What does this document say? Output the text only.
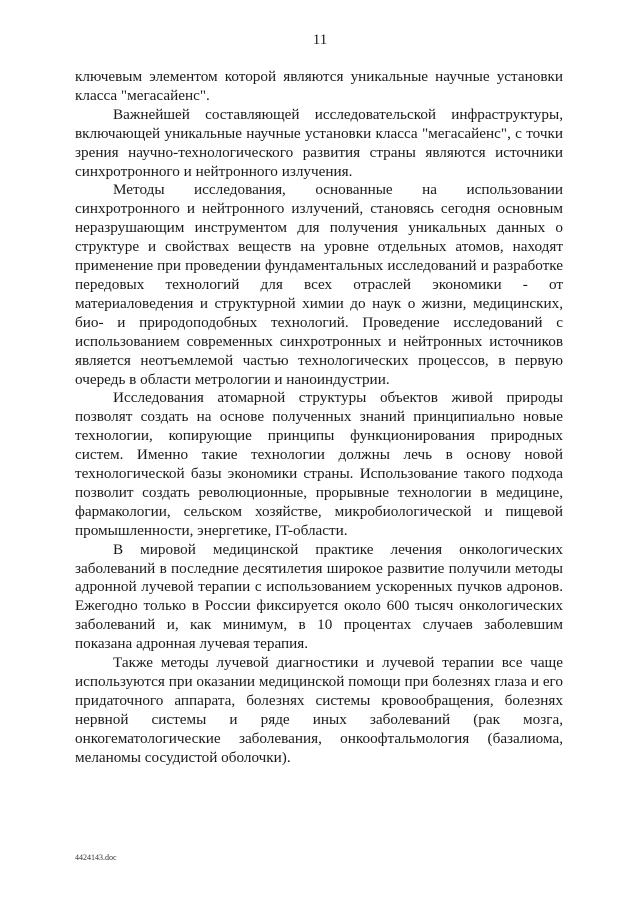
11

ключевым элементом которой являются уникальные научные установки класса "мегасайенс".

Важнейшей составляющей исследовательской инфраструктуры, включающей уникальные научные установки класса "мегасайенс", с точки зрения научно-технологического развития страны являются источники синхротронного и нейтронного излучения.

Методы исследования, основанные на использовании синхротронного и нейтронного излучений, становясь сегодня основным неразрушающим инструментом для получения уникальных данных о структуре и свойствах веществ на уровне отдельных атомов, находят применение при проведении фундаментальных исследований и разработке передовых технологий для всех отраслей экономики - от материаловедения и структурной химии до наук о жизни, медицинских, био- и природоподобных технологий. Проведение исследований с использованием современных синхротронных и нейтронных источников является неотъемлемой частью технологических процессов, в первую очередь в области метрологии и наноиндустрии.

Исследования атомарной структуры объектов живой природы позволят создать на основе полученных знаний принципиально новые технологии, копирующие принципы функционирования природных систем. Именно такие технологии должны лечь в основу новой технологической базы экономики страны. Использование такого подхода позволит создать революционные, прорывные технологии в медицине, фармакологии, сельском хозяйстве, микробиологической и пищевой промышленности, энергетике, IT-области.

В мировой медицинской практике лечения онкологических заболеваний в последние десятилетия широкое развитие получили методы адронной лучевой терапии с использованием ускоренных пучков адронов. Ежегодно только в России фиксируется около 600 тысяч онкологических заболеваний и, как минимум, в 10 процентах случаев заболевшим показана адронная лучевая терапия.

Также методы лучевой диагностики и лучевой терапии все чаще используются при оказании медицинской помощи при болезнях глаза и его придаточного аппарата, болезнях системы кровообращения, болезнях нервной системы и ряде иных заболеваний (рак мозга, онкогематологические заболевания, онкоофтальмология (базалиома, меланомы сосудистой оболочки).

4424143.doc
